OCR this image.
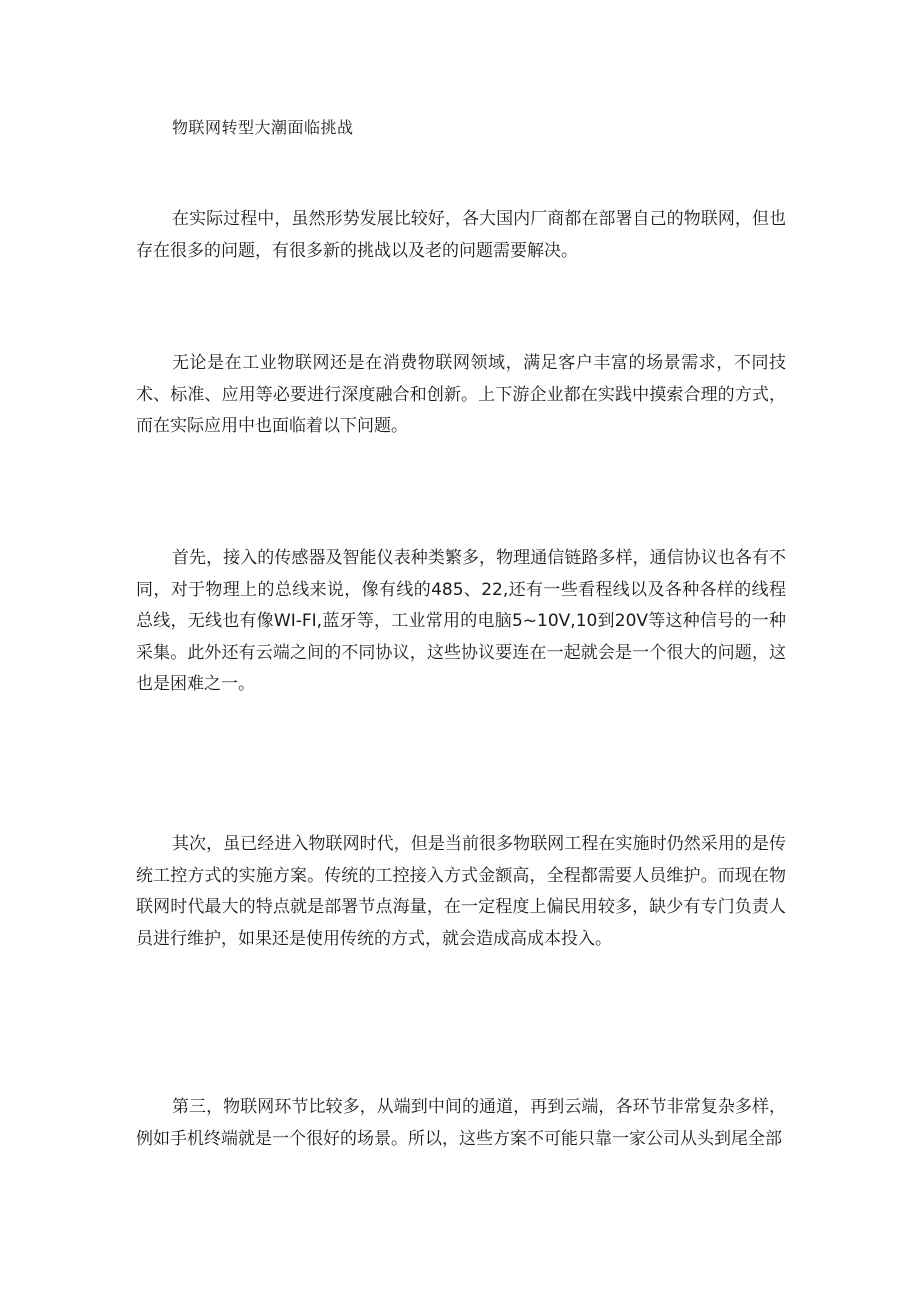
物联网转型大潮面临挑战

在实际过程中，虽然形势发展比较好，各大国内厂商都在部署自己的物联网，但也存在很多的问题，有很多新的挑战以及老的问题需要解决。

无论是在工业物联网还是在消费物联网领域，满足客户丰富的场景需求，不同技术、标准、应用等必要进行深度融合和创新。上下游企业都在实践中摸索合理的方式，而在实际应用中也面临着以下问题。

首先，接入的传感器及智能仪表种类繁多，物理通信链路多样，通信协议也各有不同，对于物理上的总线来说，像有线的485、22,还有一些看程线以及各种各样的线程总线，无线也有像WI-FI,蓝牙等，工业常用的电脑5~10V,10到20V等这种信号的一种采集。此外还有云端之间的不同协议，这些协议要连在一起就会是一个很大的问题，这也是困难之一。

其次，虽已经进入物联网时代，但是当前很多物联网工程在实施时仍然采用的是传统工控方式的实施方案。传统的工控接入方式金额高，全程都需要人员维护。而现在物联网时代最大的特点就是部署节点海量，在一定程度上偏民用较多，缺少有专门负责人员进行维护，如果还是使用传统的方式，就会造成高成本投入。

第三，物联网环节比较多，从端到中间的通道，再到云端，各环节非常复杂多样，例如手机终端就是一个很好的场景。所以，这些方案不可能只靠一家公司从头到尾全部
